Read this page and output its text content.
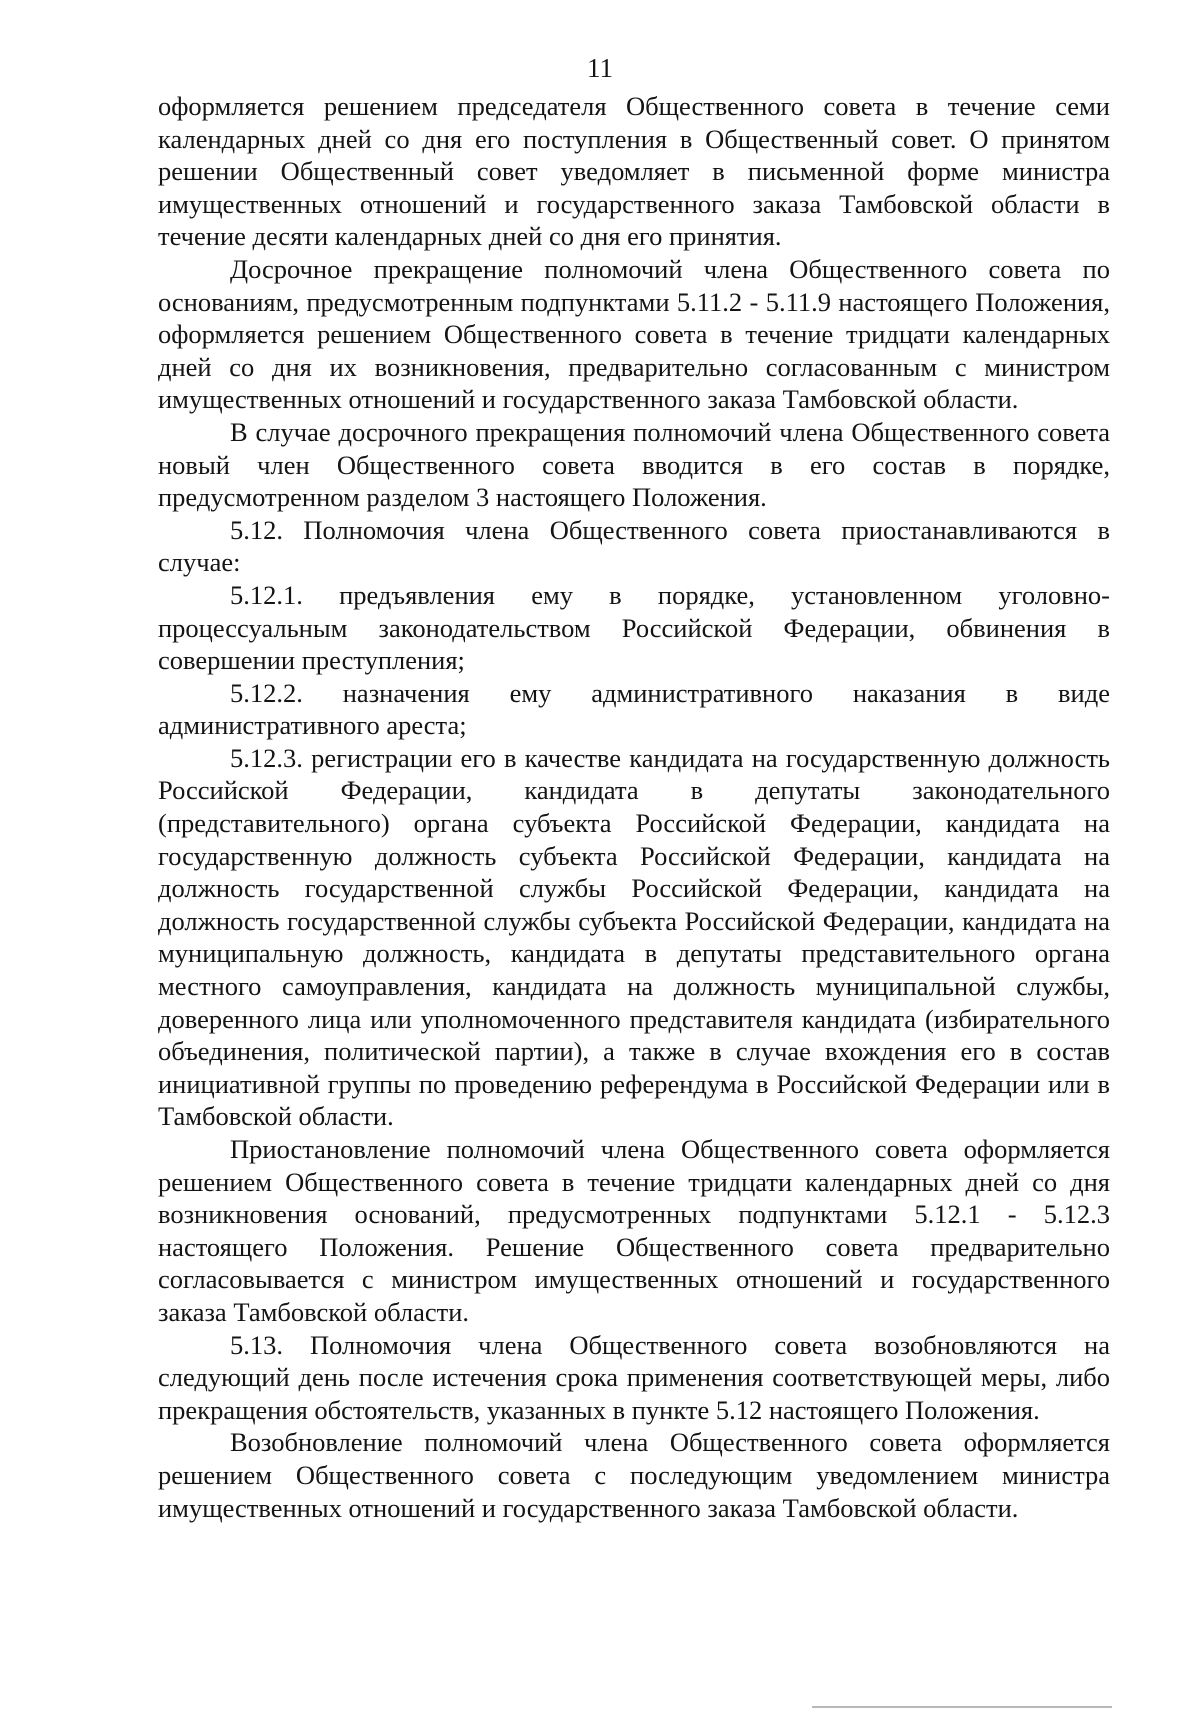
11

оформляется решением председателя Общественного совета в течение семи календарных дней со дня его поступления в Общественный совет. О принятом решении Общественный совет уведомляет в письменной форме министра имущественных отношений и государственного заказа Тамбовской области в течение десяти календарных дней со дня его принятия.

Досрочное прекращение полномочий члена Общественного совета по основаниям, предусмотренным подпунктами 5.11.2 - 5.11.9 настоящего Положения, оформляется решением Общественного совета в течение тридцати календарных дней со дня их возникновения, предварительно согласованным с министром имущественных отношений и государственного заказа Тамбовской области.

В случае досрочного прекращения полномочий члена Общественного совета новый член Общественного совета вводится в его состав в порядке, предусмотренном разделом 3 настоящего Положения.

5.12. Полномочия члена Общественного совета приостанавливаются в случае:

5.12.1. предъявления ему в порядке, установленном уголовно-процессуальным законодательством Российской Федерации, обвинения в совершении преступления;

5.12.2. назначения ему административного наказания в виде административного ареста;

5.12.3. регистрации его в качестве кандидата на государственную должность Российской Федерации, кандидата в депутаты законодательного (представительного) органа субъекта Российской Федерации, кандидата на государственную должность субъекта Российской Федерации, кандидата на должность государственной службы Российской Федерации, кандидата на должность государственной службы субъекта Российской Федерации, кандидата на муниципальную должность, кандидата в депутаты представительного органа местного самоуправления, кандидата на должность муниципальной службы, доверенного лица или уполномоченного представителя кандидата (избирательного объединения, политической партии), а также в случае вхождения его в состав инициативной группы по проведению референдума в Российской Федерации или в Тамбовской области.

Приостановление полномочий члена Общественного совета оформляется решением Общественного совета в течение тридцати календарных дней со дня возникновения оснований, предусмотренных подпунктами 5.12.1 - 5.12.3 настоящего Положения. Решение Общественного совета предварительно согласовывается с министром имущественных отношений и государственного заказа Тамбовской области.

5.13. Полномочия члена Общественного совета возобновляются на следующий день после истечения срока применения соответствующей меры, либо прекращения обстоятельств, указанных в пункте 5.12 настоящего Положения.

Возобновление полномочий члена Общественного совета оформляется решением Общественного совета с последующим уведомлением министра имущественных отношений и государственного заказа Тамбовской области.
